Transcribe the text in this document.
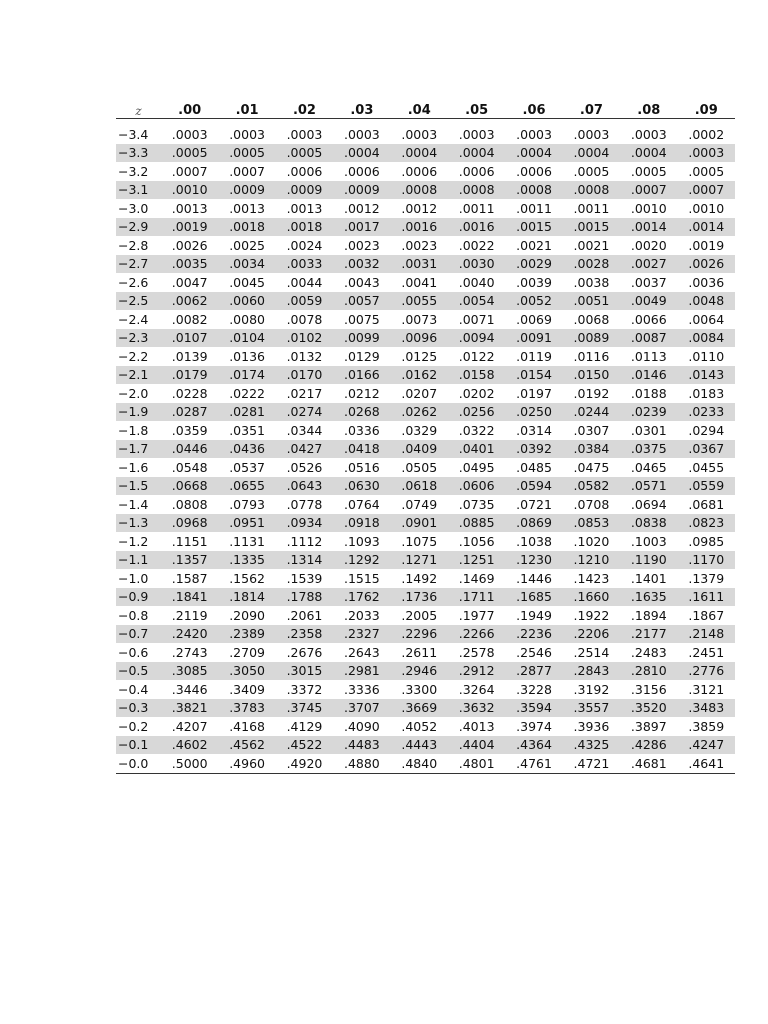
z	.00	.01	.02	.03	.04	.05	.06	.07	.08	.09

−3.4	.0003	.0003	.0003	.0003	.0003	.0003	.0003	.0003	.0003	.0002
−3.3	.0005	.0005	.0005	.0004	.0004	.0004	.0004	.0004	.0004	.0003
−3.2	.0007	.0007	.0006	.0006	.0006	.0006	.0006	.0005	.0005	.0005
−3.1	.0010	.0009	.0009	.0009	.0008	.0008	.0008	.0008	.0007	.0007
−3.0	.0013	.0013	.0013	.0012	.0012	.0011	.0011	.0011	.0010	.0010
−2.9	.0019	.0018	.0018	.0017	.0016	.0016	.0015	.0015	.0014	.0014
−2.8	.0026	.0025	.0024	.0023	.0023	.0022	.0021	.0021	.0020	.0019
−2.7	.0035	.0034	.0033	.0032	.0031	.0030	.0029	.0028	.0027	.0026
−2.6	.0047	.0045	.0044	.0043	.0041	.0040	.0039	.0038	.0037	.0036
−2.5	.0062	.0060	.0059	.0057	.0055	.0054	.0052	.0051	.0049	.0048
−2.4	.0082	.0080	.0078	.0075	.0073	.0071	.0069	.0068	.0066	.0064
−2.3	.0107	.0104	.0102	.0099	.0096	.0094	.0091	.0089	.0087	.0084
−2.2	.0139	.0136	.0132	.0129	.0125	.0122	.0119	.0116	.0113	.0110
−2.1	.0179	.0174	.0170	.0166	.0162	.0158	.0154	.0150	.0146	.0143
−2.0	.0228	.0222	.0217	.0212	.0207	.0202	.0197	.0192	.0188	.0183
−1.9	.0287	.0281	.0274	.0268	.0262	.0256	.0250	.0244	.0239	.0233
−1.8	.0359	.0351	.0344	.0336	.0329	.0322	.0314	.0307	.0301	.0294
−1.7	.0446	.0436	.0427	.0418	.0409	.0401	.0392	.0384	.0375	.0367
−1.6	.0548	.0537	.0526	.0516	.0505	.0495	.0485	.0475	.0465	.0455
−1.5	.0668	.0655	.0643	.0630	.0618	.0606	.0594	.0582	.0571	.0559
−1.4	.0808	.0793	.0778	.0764	.0749	.0735	.0721	.0708	.0694	.0681
−1.3	.0968	.0951	.0934	.0918	.0901	.0885	.0869	.0853	.0838	.0823
−1.2	.1151	.1131	.1112	.1093	.1075	.1056	.1038	.1020	.1003	.0985
−1.1	.1357	.1335	.1314	.1292	.1271	.1251	.1230	.1210	.1190	.1170
−1.0	.1587	.1562	.1539	.1515	.1492	.1469	.1446	.1423	.1401	.1379
−0.9	.1841	.1814	.1788	.1762	.1736	.1711	.1685	.1660	.1635	.1611
−0.8	.2119	.2090	.2061	.2033	.2005	.1977	.1949	.1922	.1894	.1867
−0.7	.2420	.2389	.2358	.2327	.2296	.2266	.2236	.2206	.2177	.2148
−0.6	.2743	.2709	.2676	.2643	.2611	.2578	.2546	.2514	.2483	.2451
−0.5	.3085	.3050	.3015	.2981	.2946	.2912	.2877	.2843	.2810	.2776
−0.4	.3446	.3409	.3372	.3336	.3300	.3264	.3228	.3192	.3156	.3121
−0.3	.3821	.3783	.3745	.3707	.3669	.3632	.3594	.3557	.3520	.3483
−0.2	.4207	.4168	.4129	.4090	.4052	.4013	.3974	.3936	.3897	.3859
−0.1	.4602	.4562	.4522	.4483	.4443	.4404	.4364	.4325	.4286	.4247
−0.0	.5000	.4960	.4920	.4880	.4840	.4801	.4761	.4721	.4681	.4641
